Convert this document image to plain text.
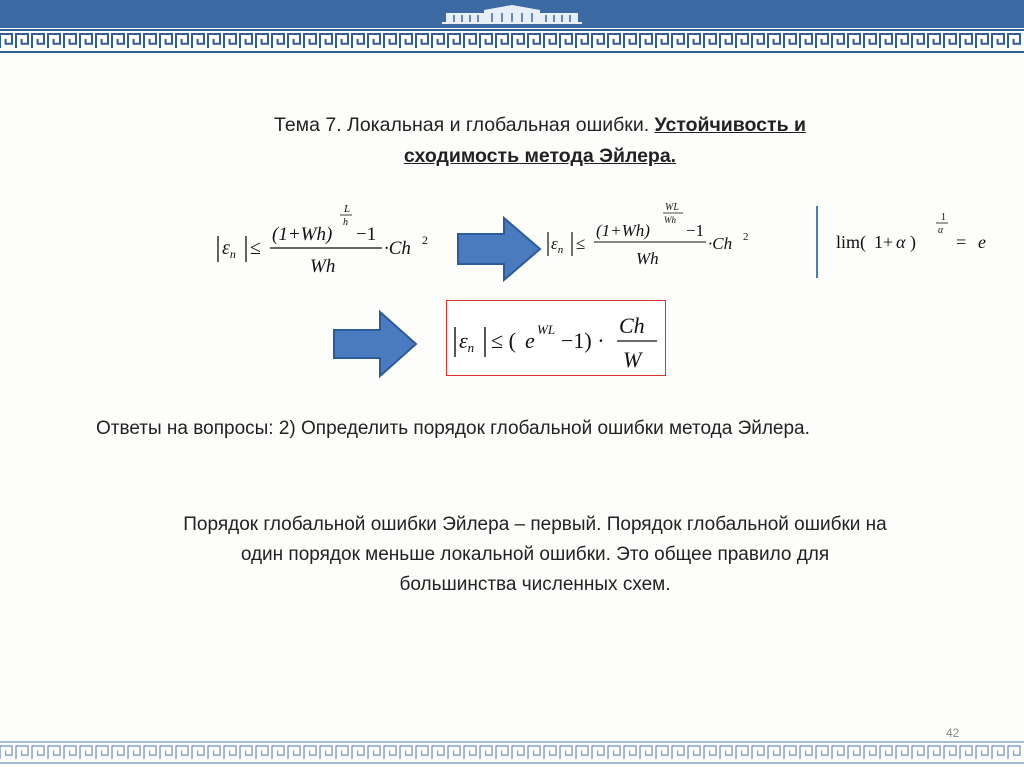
Тема 7. Локальная и глобальная ошибки. Устойчивость и
сходимость метода Эйлера.
$\varepsilon_n$ ≤
(1+Wh)
L
h
−1
Wh
·Ch 2	$\varepsilon_n$ ≤
(1+Wh)
WL
Wh
−1
Wh
·Ch 2	lim( 1+ α )
1
α
= e
εn ≤ ( e WL −1) ·
Ch
W
Ответы на вопросы: 2) Определить порядок глобальной ошибки метода Эйлера.
Порядок глобальной ошибки Эйлера – первый. Порядок глобальной ошибки на
один порядок меньше локальной ошибки. Это общее правило для
большинства численных схем.
42
